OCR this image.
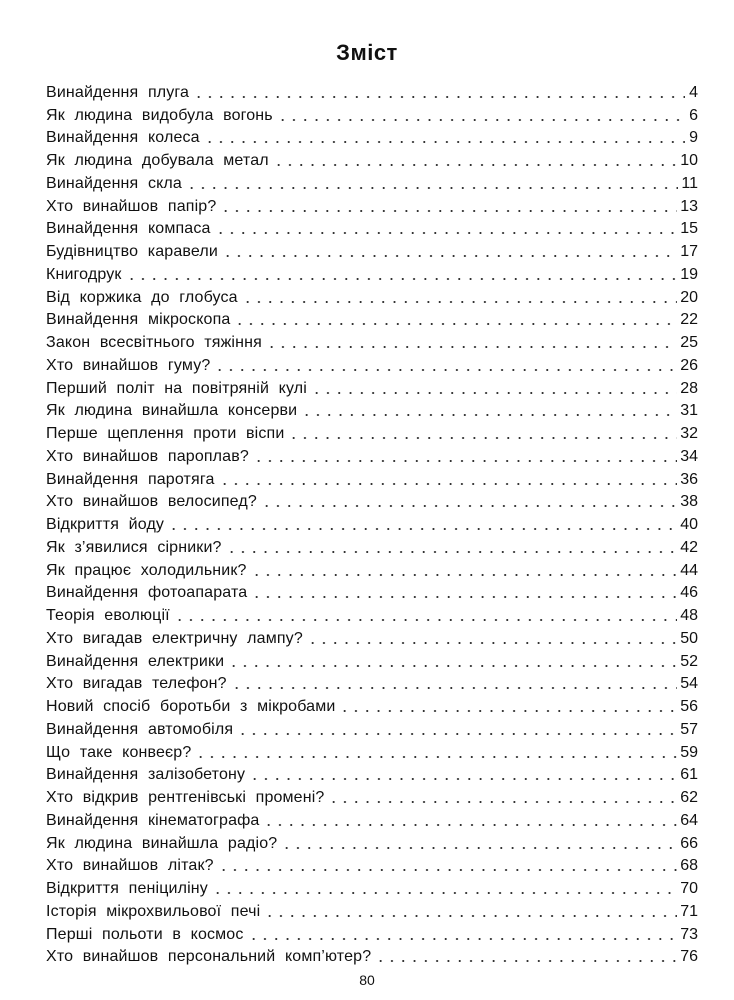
Зміст
Винайдення плуга	4
Як людина видобула вогонь	6
Винайдення колеса	9
Як людина добувала метал	10
Винайдення скла	11
Хто винайшов папір?	13
Винайдення компаса	15
Будівництво каравели	17
Книгодрук	19
Від коржика до глобуса	20
Винайдення мікроскопа	22
Закон всесвітнього тяжіння	25
Хто винайшов гуму?	26
Перший політ на повітряній кулі	28
Як людина винайшла консерви	31
Перше щеплення проти віспи	32
Хто винайшов пароплав?	34
Винайдення паротяга	36
Хто винайшов велосипед?	38
Відкриття йоду	40
Як з’явилися сірники?	42
Як працює холодильник?	44
Винайдення фотоапарата	46
Теорія еволюції	48
Хто вигадав електричну лампу?	50
Винайдення електрики	52
Хто вигадав телефон?	54
Новий спосіб боротьби з мікробами	56
Винайдення автомобіля	57
Що таке конвеєр?	59
Винайдення залізобетону	61
Хто відкрив рентгенівські промені?	62
Винайдення кінематографа	64
Як людина винайшла радіо?	66
Хто винайшов літак?	68
Відкриття пеніциліну	70
Історія мікрохвильової печі	71
Перші польоти в космос	73
Хто винайшов персональний комп’ютер?	76
80
